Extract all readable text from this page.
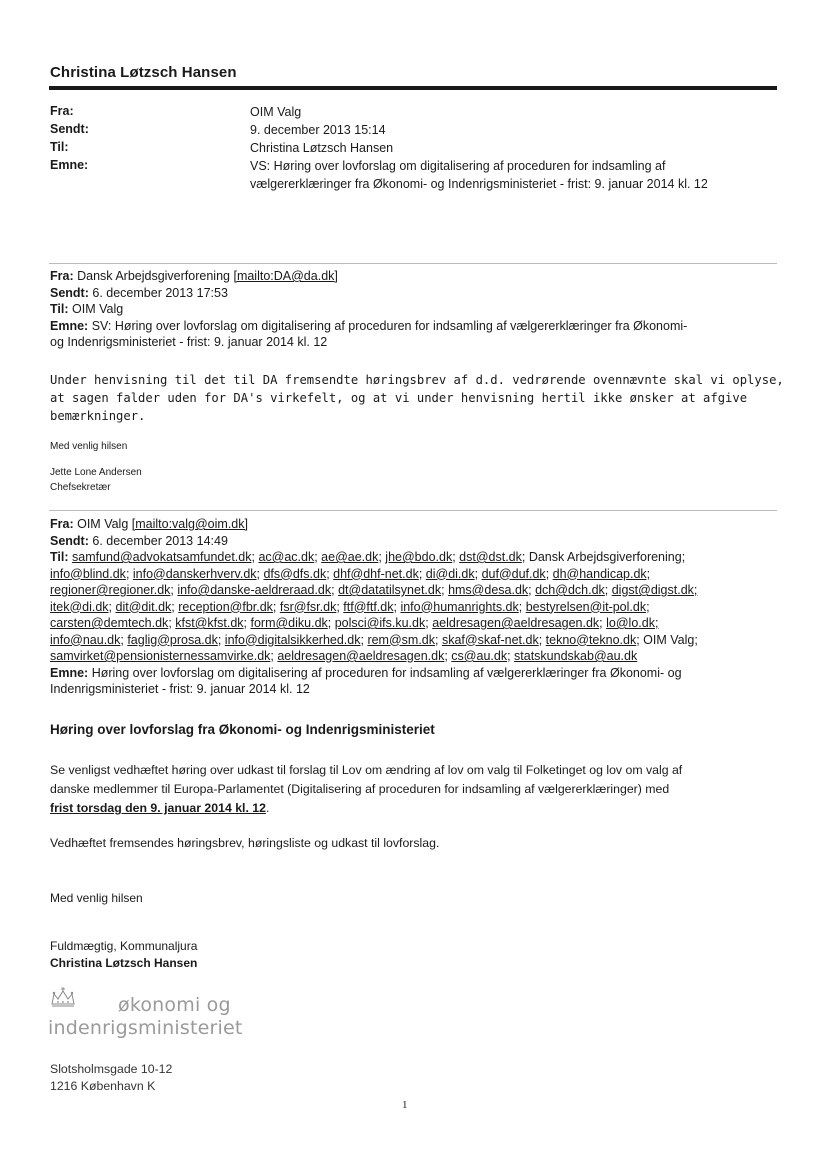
Christina Løtzsch Hansen
Fra:	OIM Valg
Sendt:	9. december 2013 15:14
Til:	Christina Løtzsch Hansen
Emne:	VS: Høring over lovforslag om digitalisering af proceduren for indsamling af
vælgererklæringer fra Økonomi- og Indenrigsministeriet - frist: 9. januar 2014 kl. 12
Fra: Dansk Arbejdsgiverforening [mailto:DA@da.dk]
Sendt: 6. december 2013 17:53
Til: OIM Valg
Emne: SV: Høring over lovforslag om digitalisering af proceduren for indsamling af vælgererklæringer fra Økonomi-
og Indenrigsministeriet - frist: 9. januar 2014 kl. 12
Under henvisning til det til DA fremsendte høringsbrev af d.d. vedrørende ovennævnte skal vi oplyse,
at sagen falder uden for DA's virkefelt, og at vi under henvisning hertil ikke ønsker at afgive
bemærkninger.
Med venlig hilsen
Jette Lone Andersen
Chefsekretær
Fra: OIM Valg [mailto:valg@oim.dk]
Sendt: 6. december 2013 14:49
Til: samfund@advokatsamfundet.dk; ac@ac.dk; ae@ae.dk; jhe@bdo.dk; dst@dst.dk; Dansk Arbejdsgiverforening;
info@blind.dk; info@danskerhverv.dk; dfs@dfs.dk; dhf@dhf-net.dk; di@di.dk; duf@duf.dk; dh@handicap.dk;
regioner@regioner.dk; info@danske-aeldreraad.dk; dt@datatilsynet.dk; hms@desa.dk; dch@dch.dk; digst@digst.dk;
itek@di.dk; dit@dit.dk; reception@fbr.dk; fsr@fsr.dk; ftf@ftf.dk; info@humanrights.dk; bestyrelsen@it-pol.dk;
carsten@demtech.dk; kfst@kfst.dk; form@diku.dk; polsci@ifs.ku.dk; aeldresagen@aeldresagen.dk; lo@lo.dk;
info@nau.dk; faglig@prosa.dk; info@digitalsikkerhed.dk; rem@sm.dk; skaf@skaf-net.dk; tekno@tekno.dk; OIM Valg;
samvirket@pensionisternessamvirke.dk; aeldresagen@aeldresagen.dk; cs@au.dk; statskundskab@au.dk
Emne: Høring over lovforslag om digitalisering af proceduren for indsamling af vælgererklæringer fra Økonomi- og
Indenrigsministeriet - frist: 9. januar 2014 kl. 12
Høring over lovforslag fra Økonomi- og Indenrigsministeriet
Se venligst vedhæftet høring over udkast til forslag til Lov om ændring af lov om valg til Folketinget og lov om valg af
danske medlemmer til Europa-Parlamentet (Digitalisering af proceduren for indsamling af vælgererklæringer) med
frist torsdag den 9. januar 2014 kl. 12.
Vedhæftet fremsendes høringsbrev, høringsliste og udkast til lovforslag.
Med venlig hilsen
Fuldmægtig, Kommunaljura
Christina Løtzsch Hansen
økonomi og
indenrigsministeriet
Slotsholmsgade 10-12
1216 København K
1
